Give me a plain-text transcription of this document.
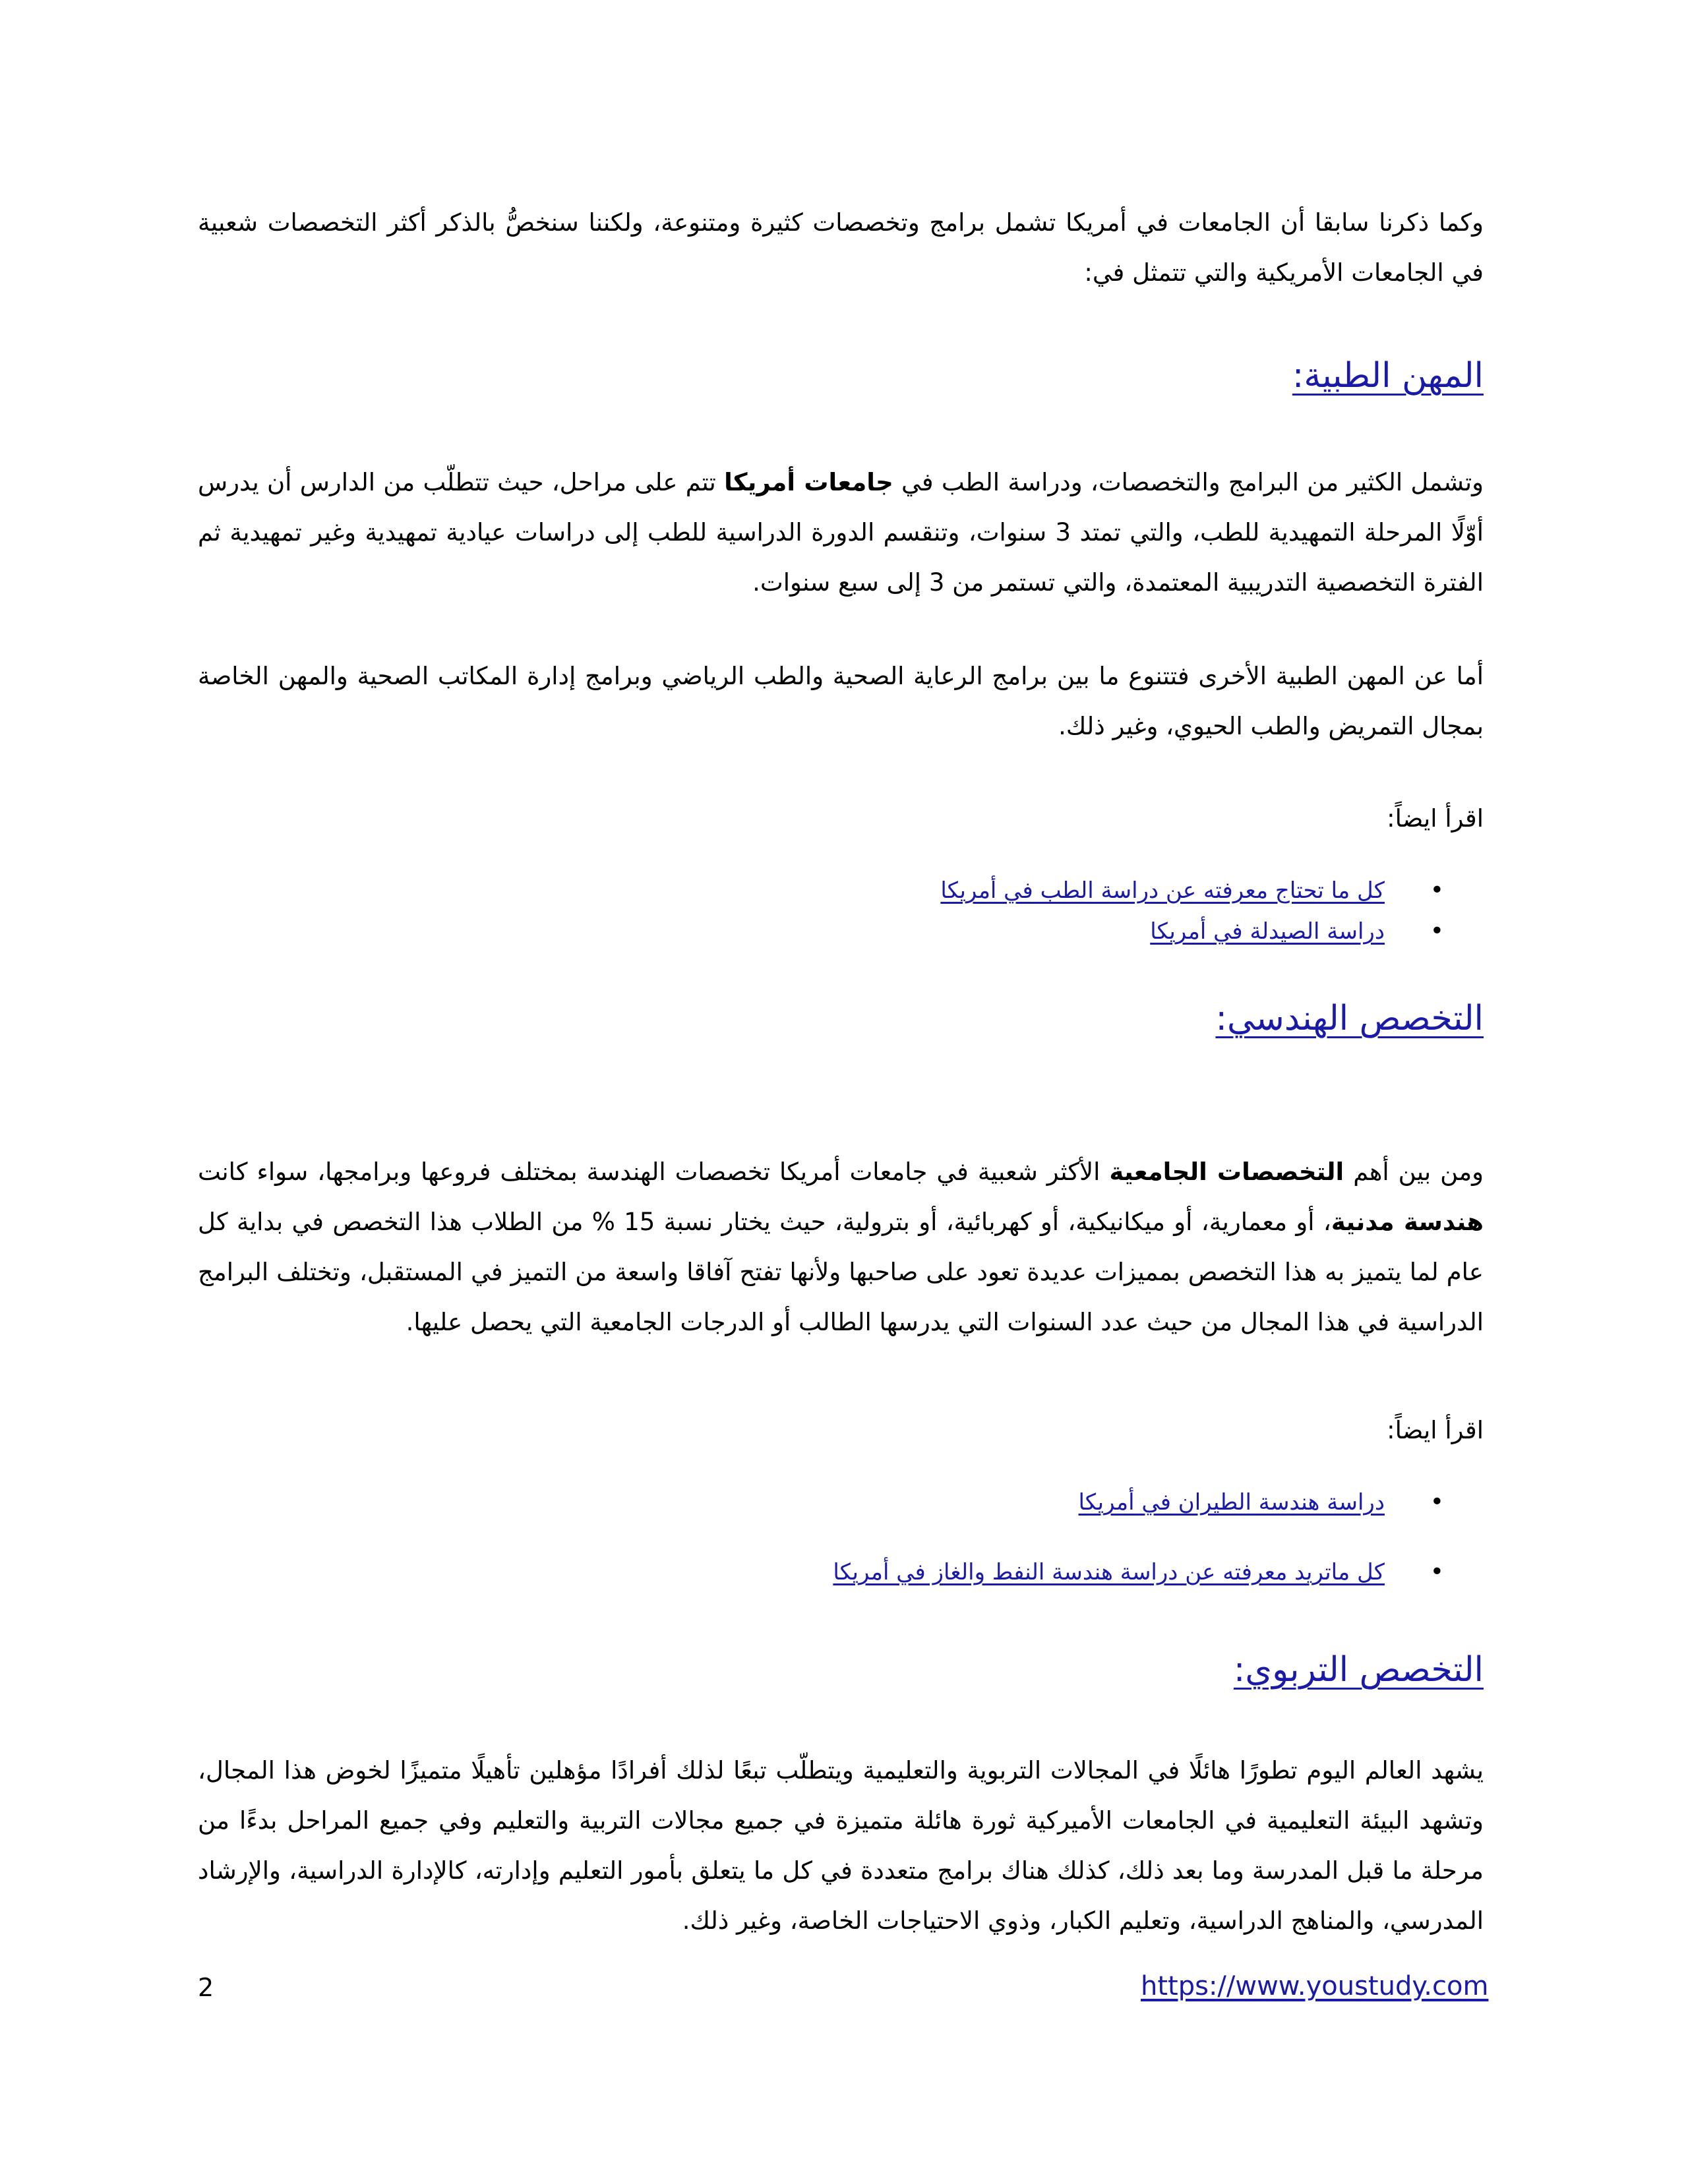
وكما ذكرنا سابقا أن الجامعات في أمريكا تشمل برامج وتخصصات كثيرة ومتنوعة، ولكننا سنخصُّ بالذكر أكثر التخصصات شعبية في الجامعات الأمريكية والتي تتمثل في:

المهن الطبية:

وتشمل الكثير من البرامج والتخصصات، ودراسة الطب في جامعات أمريكا تتم على مراحل، حيث تتطلّب من الدارس أن يدرس أوّلًا المرحلة التمهيدية للطب، والتي تمتد 3 سنوات، وتنقسم الدورة الدراسية للطب إلى دراسات عيادية تمهيدية وغير تمهيدية ثم الفترة التخصصية التدريبية المعتمدة، والتي تستمر من 3 إلى سبع سنوات.

أما عن المهن الطبية الأخرى فتتنوع ما بين برامج الرعاية الصحية والطب الرياضي وبرامج إدارة المكاتب الصحية والمهن الخاصة بمجال التمريض والطب الحيوي، وغير ذلك.

اقرأ ايضاً:

• كل ما تحتاج معرفته عن دراسة الطب في أمريكا
• دراسة الصيدلة في أمريكا
التخصص الهندسي:

ومن بين أهم التخصصات الجامعية الأكثر شعبية في جامعات أمريكا تخصصات الهندسة بمختلف فروعها وبرامجها، سواء كانت هندسة مدنية، أو معمارية، أو ميكانيكية، أو كهربائية، أو بترولية، حيث يختار نسبة 15 % من الطلاب هذا التخصص في بداية كل عام لما يتميز به هذا التخصص بمميزات عديدة تعود على صاحبها ولأنها تفتح آفاقا واسعة من التميز في المستقبل، وتختلف البرامج الدراسية في هذا المجال من حيث عدد السنوات التي يدرسها الطالب أو الدرجات الجامعية التي يحصل عليها.

اقرأ ايضاً:

• دراسة هندسة الطيران في أمريكا
• كل ماتريد معرفته عن دراسة هندسة النفط والغاز في أمريكا
التخصص التربوي:

يشهد العالم اليوم تطورًا هائلًا في المجالات التربوية والتعليمية ويتطلّب تبعًا لذلك أفرادًا مؤهلين تأهيلًا متميزًا لخوض هذا المجال، وتشهد البيئة التعليمية في الجامعات الأميركية ثورة هائلة متميزة في جميع مجالات التربية والتعليم وفي جميع المراحل بدءًا من مرحلة ما قبل المدرسة وما بعد ذلك، كذلك هناك برامج متعددة في كل ما يتعلق بأمور التعليم وإدارته، كالإدارة الدراسية، والإرشاد المدرسي، والمناهج الدراسية، وتعليم الكبار، وذوي الاحتياجات الخاصة، وغير ذلك.

2	https://www.youstudy.com
